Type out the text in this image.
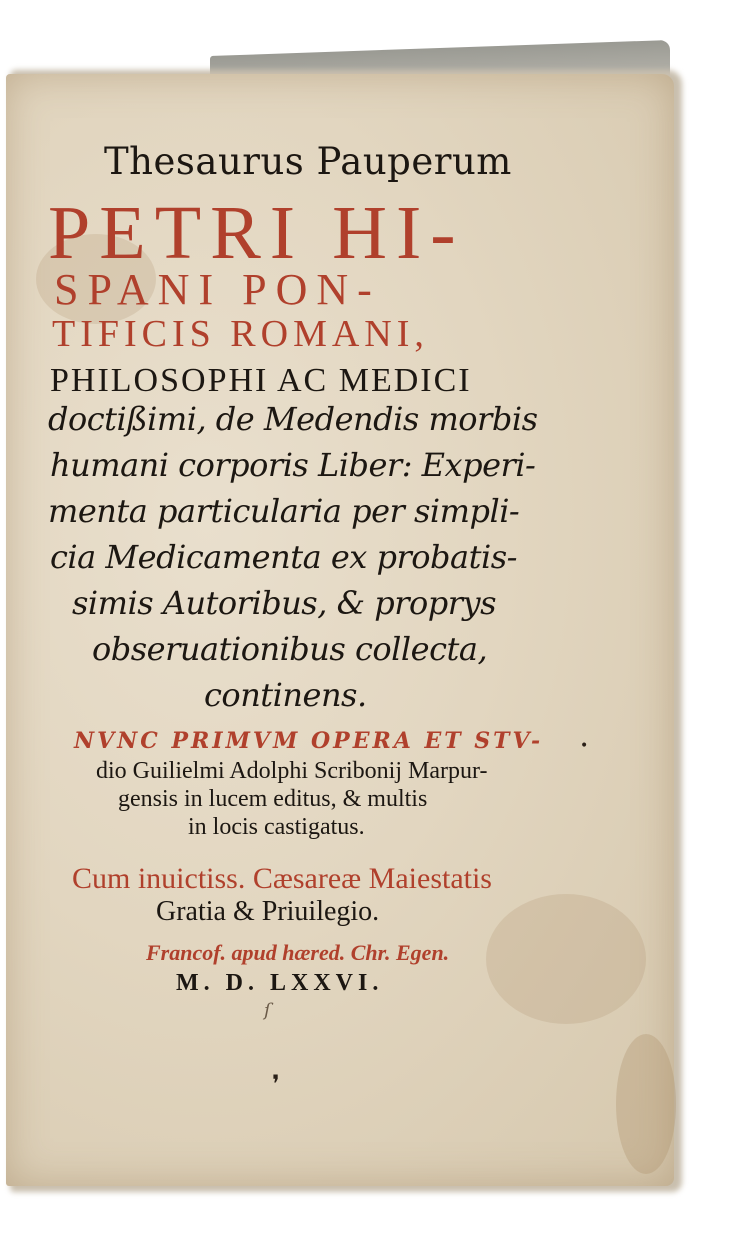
Thesaurus Pauperum
PETRI HI-
SPANI PON-
TIFICIS ROMANI,
PHILOSOPHI AC MEDICI
doctißimi, de Medendis morbis
humani corporis Liber: Experi-
menta particularia per simpli-
cia Medicamenta ex probatis-
simis Autoribus, & proprys
obseruationibus collecta,
continens.
NVNC PRIMVM OPERA ET STV-
dio Guilielmi Adolphi Scribonij Marpur-
gensis in lucem editus, & multis
in locis castigatus.
Cum inuictiss. Cæsareæ Maiestatis
Gratia & Priuilegio.
Francof. apud hæred. Chr. Egen.
M. D. LXXVI.
•
ſ
❜
